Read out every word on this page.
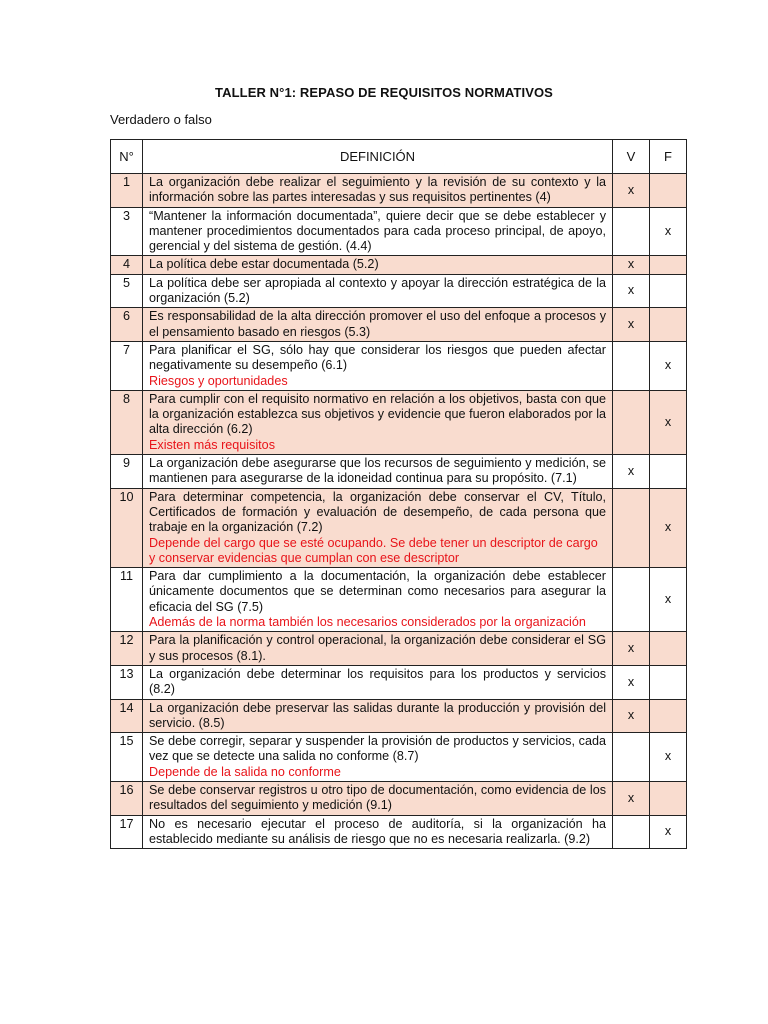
TALLER N°1: REPASO DE REQUISITOS NORMATIVOS
Verdadero o falso
N°	DEFINICIÓN	V	F
1	La organización debe realizar el seguimiento y la revisión de su contexto y la información sobre las partes interesadas y sus requisitos pertinentes (4)	x	
3	“Mantener la información documentada”, quiere decir que se debe establecer y mantener procedimientos documentados para cada proceso principal, de apoyo, gerencial y del sistema de gestión. (4.4)		x
4	La política debe estar documentada (5.2)	x	
5	La política debe ser apropiada al contexto y apoyar la dirección estratégica de la organización (5.2)	x	
6	Es responsabilidad de la alta dirección promover el uso del enfoque a procesos y el pensamiento basado en riesgos (5.3)	x	
7	Para planificar el SG, sólo hay que considerar los riesgos que pueden afectar negativamente su desempeño (6.1)
Riesgos y oportunidades		x
8	Para cumplir con el requisito normativo en relación a los objetivos, basta con que la organización establezca sus objetivos y evidencie que fueron elaborados por la alta dirección (6.2)
Existen más requisitos		x
9	La organización debe asegurarse que los recursos de seguimiento y medición, se mantienen para asegurarse de la idoneidad continua para su propósito. (7.1)	x	
10	Para determinar competencia, la organización debe conservar el CV, Título, Certificados de formación y evaluación de desempeño, de cada persona que trabaje en la organización (7.2)
Depende del cargo que se esté ocupando. Se debe tener un descriptor de cargo y conservar evidencias que cumplan con ese descriptor		x
11	Para dar cumplimiento a la documentación, la organización debe establecer únicamente documentos que se determinan como necesarios para asegurar la eficacia del SG (7.5)
Además de la norma también los necesarios considerados por la organización		x
12	Para la planificación y control operacional, la organización debe considerar el SG y sus procesos (8.1).	x	
13	La organización debe determinar los requisitos para los productos y servicios (8.2)	x	
14	La organización debe preservar las salidas durante la producción y provisión del servicio. (8.5)	x	
15	Se debe corregir, separar y suspender la provisión de productos y servicios, cada vez que se detecte una salida no conforme (8.7)
Depende de la salida no conforme		x
16	Se debe conservar registros u otro tipo de documentación, como evidencia de los resultados del seguimiento y medición (9.1)	x	
17	No es necesario ejecutar el proceso de auditoría, si la organización ha establecido mediante su análisis de riesgo que no es necesaria realizarla. (9.2)		x
